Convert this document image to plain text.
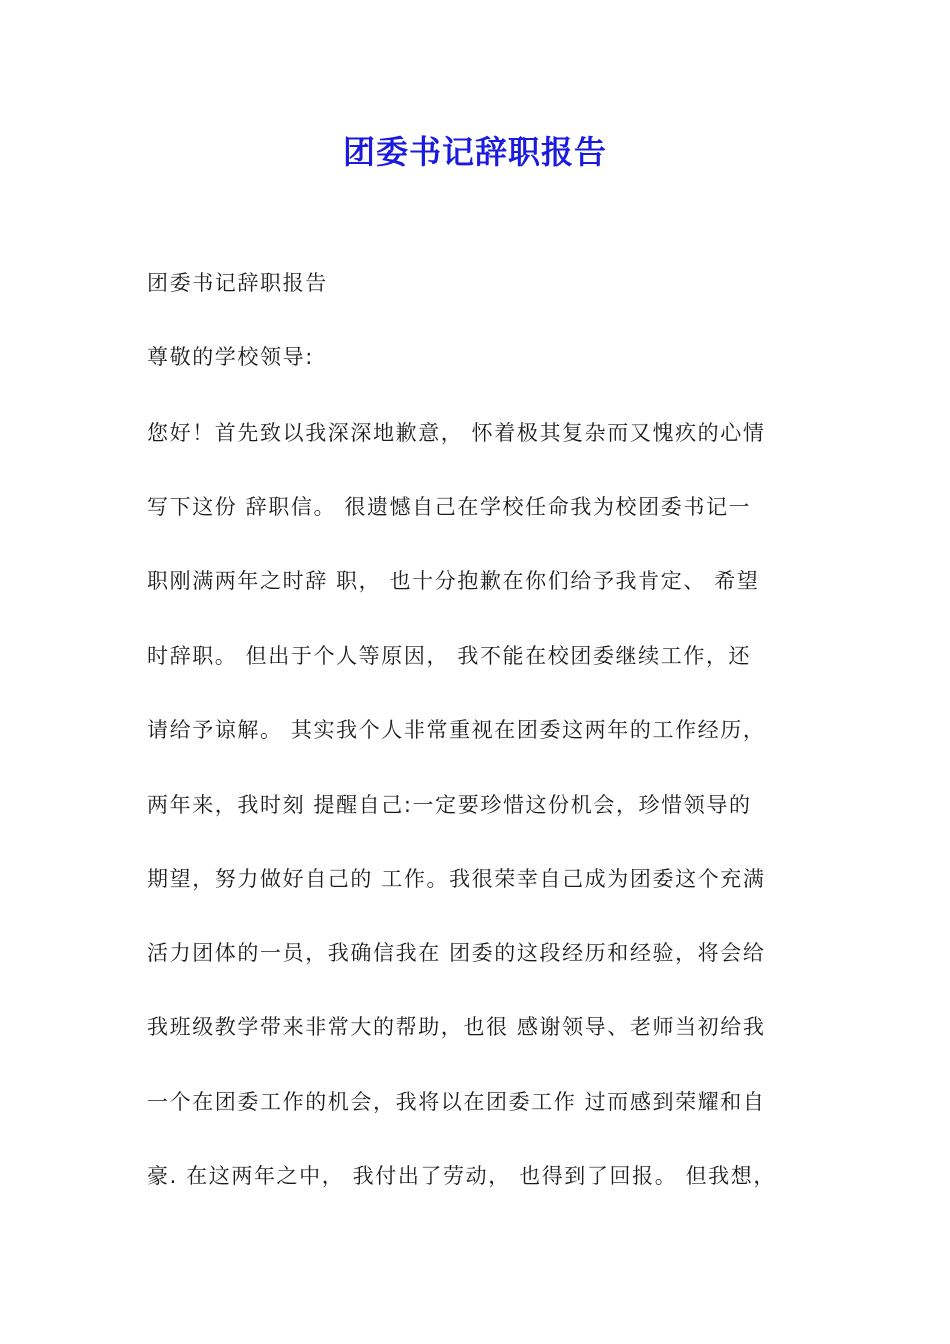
团委书记辞职报告
团委书记辞职报告
尊敬的学校领导:
您好！首先致以我深深地歉意， 怀着极其复杂而又愧疚的心情
写下这份 辞职信。 很遗憾自己在学校任命我为校团委书记一
职刚满两年之时辞 职， 也十分抱歉在你们给予我肯定、 希望
时辞职。 但出于个人等原因， 我不能在校团委继续工作，还
请给予谅解。 其实我个人非常重视在团委这两年的工作经历，
两年来，我时刻 提醒自己:一定要珍惜这份机会，珍惜领导的
期望，努力做好自己的 工作。我很荣幸自己成为团委这个充满
活力团体的一员，我确信我在 团委的这段经历和经验，将会给
我班级教学带来非常大的帮助，也很 感谢领导、老师当初给我
一个在团委工作的机会，我将以在团委工作 过而感到荣耀和自
豪. 在这两年之中， 我付出了劳动， 也得到了回报。 但我想，
